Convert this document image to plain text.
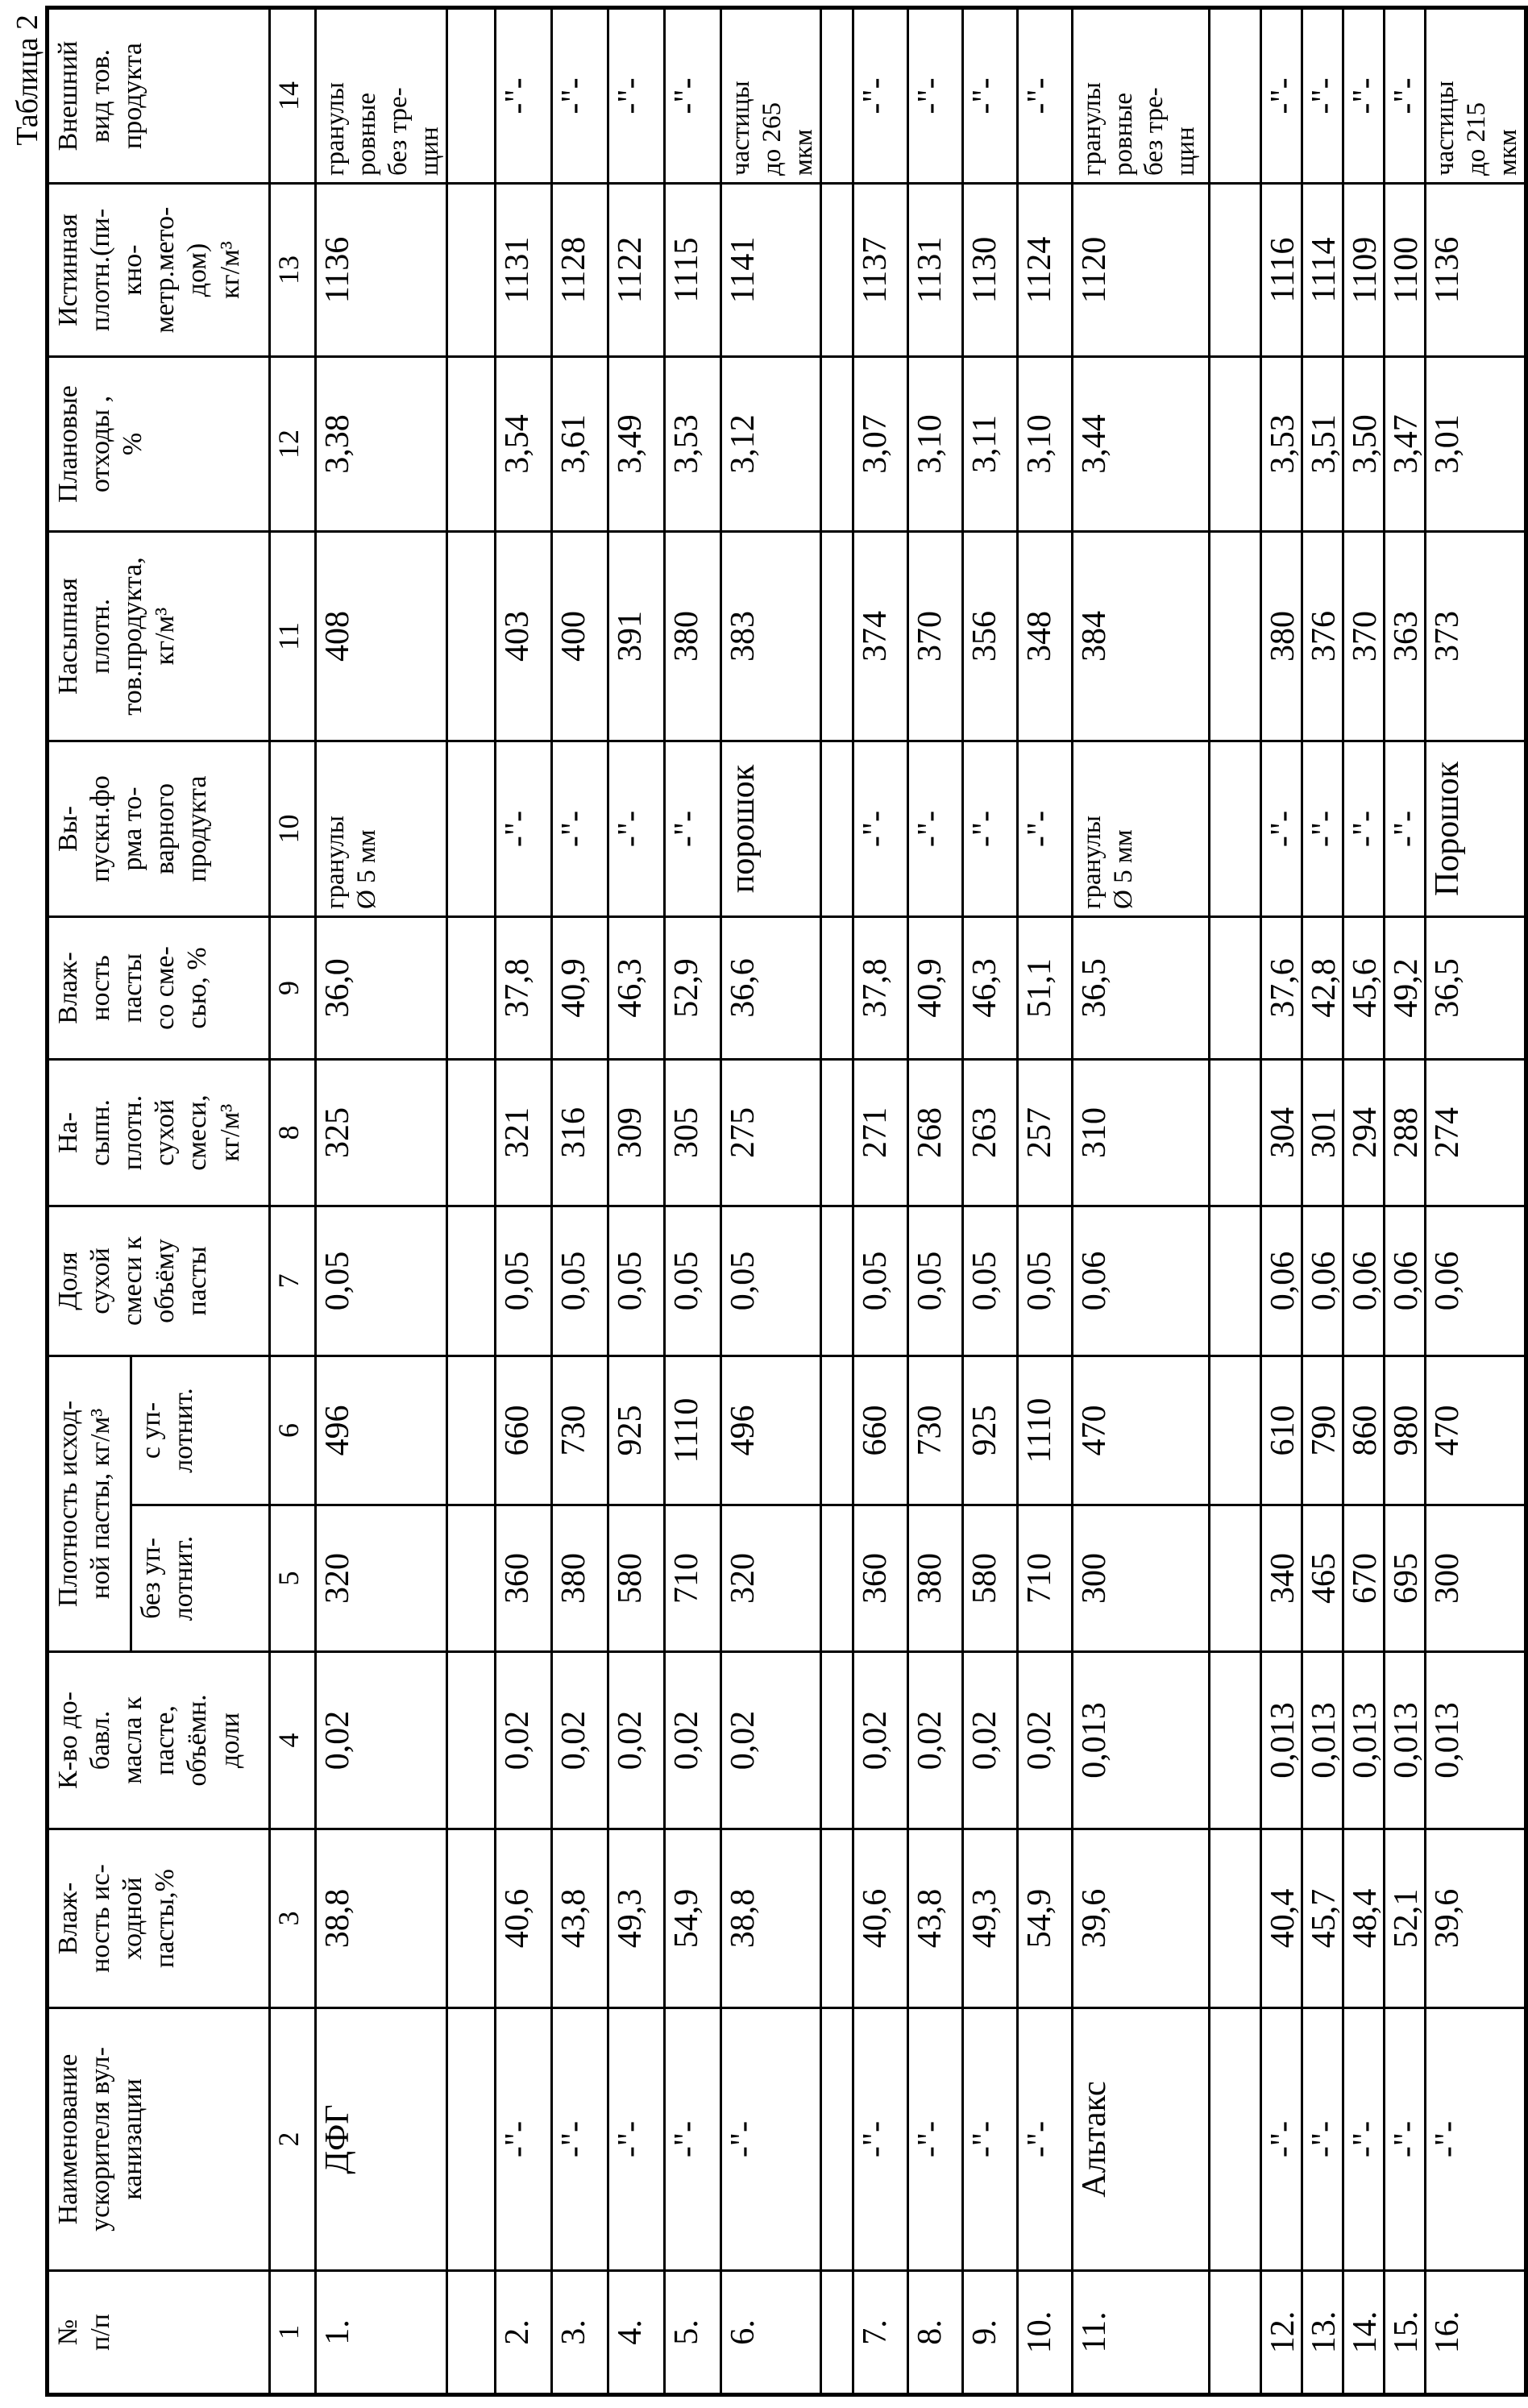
Таблица 2
№
п/п	Наименование
ускорителя вул-
канизации	Влаж-
ность ис-
ходной
пасты,%	К-во до-
бавл.
масла к
пасте,
объёмн.
доли	Плотность исход-
ной пасты, кг/м³	Доля
сухой
смеси к
объёму
пасты	На-
сыпн.
плотн.
сухой
смеси,
кг/м³	Влаж-
ность
пасты
со сме-
сью, %	Вы-
пускн.фо
рма то-
варного
продукта	Насыпная
плотн.
тов.продукта,
кг/м³	Плановые
отходы ,
%	Истинная
плотн.(пи-
кно-
метр.мето-
дом)
кг/м³	Внешний
вид тов.
продукта
				без уп-
лотнит.	с уп-
лотнит.								
1	2	3	4	5	6	7	8	9	10	11	12	13	14
1.	ДФГ	38,8	0,02	320	496	0,05	325	36,0	гранулы
Ø 5 мм	408	3,38	1136	гранулы
ровные
без тре-
щин

2.	-"-	40,6	0,02	360	660	0,05	321	37,8	-"-	403	3,54	1131	-"-
3.	-"-	43,8	0,02	380	730	0,05	316	40,9	-"-	400	3,61	1128	-"-
4.	-"-	49,3	0,02	580	925	0,05	309	46,3	-"-	391	3,49	1122	-"-
5.	-"-	54,9	0,02	710	1110	0,05	305	52,9	-"-	380	3,53	1115	-"-
6.	-"-	38,8	0,02	320	496	0,05	275	36,6	порошок	383	3,12	1141	частицы
до 265
мкм

7.	-"-	40,6	0,02	360	660	0,05	271	37,8	-"-	374	3,07	1137	-"-
8.	-"-	43,8	0,02	380	730	0,05	268	40,9	-"-	370	3,10	1131	-"-
9.	-"-	49,3	0,02	580	925	0,05	263	46,3	-"-	356	3,11	1130	-"-
10.	-"-	54,9	0,02	710	1110	0,05	257	51,1	-"-	348	3,10	1124	-"-
11.	Альтакс	39,6	0,013	300	470	0,06	310	36,5	гранулы
Ø 5 мм	384	3,44	1120	гранулы
ровные
без тре-
щин

12.	-"-	40,4	0,013	340	610	0,06	304	37,6	-"-	380	3,53	1116	-"-
13.	-"-	45,7	0,013	465	790	0,06	301	42,8	-"-	376	3,51	1114	-"-
14.	-"-	48,4	0,013	670	860	0,06	294	45,6	-"-	370	3,50	1109	-"-
15.	-"-	52,1	0,013	695	980	0,06	288	49,2	-"-	363	3,47	1100	-"-
16.	-"-	39,6	0,013	300	470	0,06	274	36,5	Порошок	373	3,01	1136	частицы
до 215
мкм
